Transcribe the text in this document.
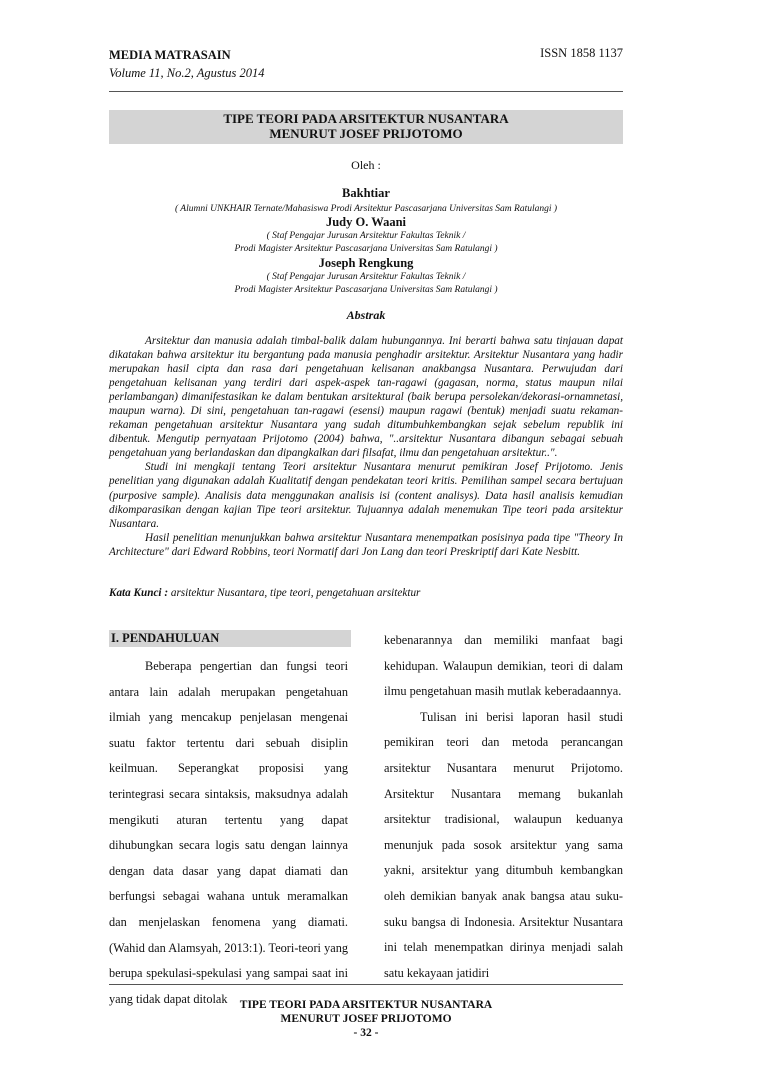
MEDIA MATRASAIN
Volume 11, No.2, Agustus 2014
ISSN 1858 1137
TIPE TEORI PADA ARSITEKTUR NUSANTARA
MENURUT JOSEF PRIJOTOMO
Oleh :
Bakhtiar
( Alumni UNKHAIR Ternate/Mahasiswa Prodi Arsitektur Pascasarjana Universitas Sam Ratulangi )
Judy O. Waani
( Staf Pengajar Jurusan Arsitektur Fakultas Teknik /
Prodi Magister Arsitektur Pascasarjana Universitas Sam Ratulangi )
Joseph Rengkung
( Staf Pengajar Jurusan Arsitektur Fakultas Teknik /
Prodi Magister Arsitektur Pascasarjana Universitas Sam Ratulangi )
Abstrak

Arsitektur dan manusia adalah timbal-balik dalam hubungannya. Ini berarti bahwa satu tinjauan dapat dikatakan bahwa arsitektur itu bergantung pada manusia penghadir arsitektur. Arsitektur Nusantara yang hadir merupakan hasil cipta dan rasa dari pengetahuan kelisanan anakbangsa Nusantara. Perwujudan dari pengetahuan kelisanan yang terdiri dari aspek-aspek tan-ragawi (gagasan, norma, status maupun nilai perlambangan) dimanifestasikan ke dalam bentukan arsitektural (baik berupa persolekan/dekorasi-ornamnetasi, maupun warna). Di sini, pengetahuan tan-ragawi (esensi) maupun ragawi (bentuk) menjadi suatu rekaman-rekaman pengetahuan arsitektur Nusantara yang sudah ditumbuhkembangkan sejak sebelum republik ini dibentuk. Mengutip pernyataan Prijotomo (2004) bahwa, "..arsitektur Nusantara dibangun sebagai sebuah pengetahuan yang berlandaskan dan dipangkalkan dari filsafat, ilmu dan pengetahuan arsitektur..".

Studi ini mengkaji tentang Teori arsitektur Nusantara menurut pemikiran Josef Prijotomo. Jenis penelitian yang digunakan adalah Kualitatif dengan pendekatan teori kritis. Pemilihan sampel secara bertujuan (purposive sample). Analisis data menggunakan analisis isi (content analisys). Data hasil analisis kemudian dikomparasikan dengan kajian Tipe teori arsitektur. Tujuannya adalah menemukan Tipe teori pada arsitektur Nusantara.

Hasil penelitian menunjukkan bahwa arsitektur Nusantara menempatkan posisinya pada tipe "Theory In Architecture" dari Edward Robbins, teori Normatif dari Jon Lang dan teori Preskriptif dari Kate Nesbitt.

Kata Kunci : arsitektur Nusantara, tipe teori, pengetahuan arsitektur
I. PENDAHULUAN

Beberapa pengertian dan fungsi teori antara lain adalah merupakan pengetahuan ilmiah yang mencakup penjelasan mengenai suatu faktor tertentu dari sebuah disiplin keilmuan. Seperangkat proposisi yang terintegrasi secara sintaksis, maksudnya adalah mengikuti aturan tertentu yang dapat dihubungkan secara logis satu dengan lainnya dengan data dasar yang dapat diamati dan berfungsi sebagai wahana untuk meramalkan dan menjelaskan fenomena yang diamati. (Wahid dan Alamsyah, 2013:1). Teori-teori yang berupa spekulasi-spekulasi yang sampai saat ini yang tidak dapat ditolak

kebenarannya dan memiliki manfaat bagi kehidupan. Walaupun demikian, teori di dalam ilmu pengetahuan masih mutlak keberadaannya.

Tulisan ini berisi laporan hasil studi pemikiran teori dan metoda perancangan arsitektur Nusantara menurut Prijotomo. Arsitektur Nusantara memang bukanlah arsitektur tradisional, walaupun keduanya menunjuk pada sosok arsitektur yang sama yakni, arsitektur yang ditumbuh kembangkan oleh demikian banyak anak bangsa atau suku-suku bangsa di Indonesia. Arsitektur Nusantara ini telah menempatkan dirinya menjadi salah satu kekayaan jatidiri

TIPE TEORI PADA ARSITEKTUR NUSANTARA
MENURUT JOSEF PRIJOTOMO
- 32 -
